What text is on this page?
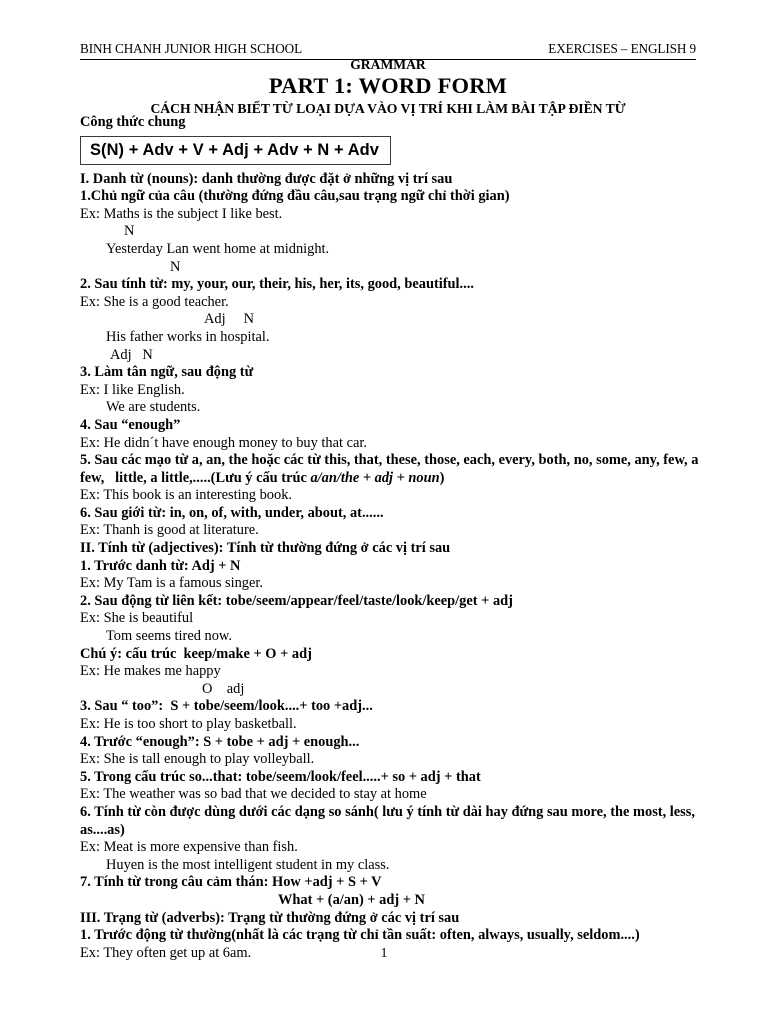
BINH CHANH JUNIOR HIGH SCHOOL	EXERCISES – ENGLISH 9
GRAMMAR
PART 1: WORD FORM
CÁCH NHẬN BIẾT TỪ LOẠI DỰA VÀO VỊ TRÍ KHI LÀM BÀI TẬP ĐIỀN TỪ
Công thức chung
S(N) + Adv + V + Adj + Adv + N + Adv
I. Danh từ (nouns): danh thường được đặt ở những vị trí sau
1.Chủ ngữ của câu (thường đứng đầu câu,sau trạng ngữ chỉ thời gian)
Ex: Maths is the subject I like best.
N
Yesterday Lan went home at midnight.
N
2. Sau tính từ: my, your, our, their, his, her, its, good, beautiful....
Ex: She is a good teacher.
Adj     N
His father works in hospital.
Adj   N
3. Làm tân ngữ, sau động từ
Ex: I like English.
We are students.
4. Sau “enough”
Ex: He didn´t have enough money to buy that car.
5. Sau các mạo từ a, an, the hoặc các từ this, that, these, those, each, every, both, no, some, any, few, a few,   little, a little,.....(Lưu ý cấu trúc a/an/the + adj + noun)
Ex: This book is an interesting book.
6. Sau giới từ: in, on, of, with, under, about, at......
Ex: Thanh is good at literature.
II. Tính từ (adjectives): Tính từ thường đứng ở các vị trí sau
1. Trước danh từ: Adj + N
Ex: My Tam is a famous singer.
2. Sau động từ liên kết: tobe/seem/appear/feel/taste/look/keep/get + adj
Ex: She is beautiful
Tom seems tired now.
Chú ý: cấu trúc  keep/make + O + adj
Ex: He makes me happy
O    adj
3. Sau “ too”:  S + tobe/seem/look....+ too +adj...
Ex: He is too short to play basketball.
4. Trước “enough”: S + tobe + adj + enough...
Ex: She is tall enough to play volleyball.
5. Trong cấu trúc so...that: tobe/seem/look/feel.....+ so + adj + that
Ex: The weather was so bad that we decided to stay at home
6. Tính từ còn được dùng dưới các dạng so sánh( lưu ý tính từ dài hay đứng sau more, the most, less, as....as)
Ex: Meat is more expensive than fish.
Huyen is the most intelligent student in my class.
7. Tính từ trong câu cảm thán: How +adj + S + V
What + (a/an) + adj + N
III. Trạng từ (adverbs): Trạng từ thường đứng ở các vị trí sau
1. Trước động từ thường(nhất là các trạng từ chỉ tần suất: often, always, usually, seldom....)
Ex: They often get up at 6am.	1
